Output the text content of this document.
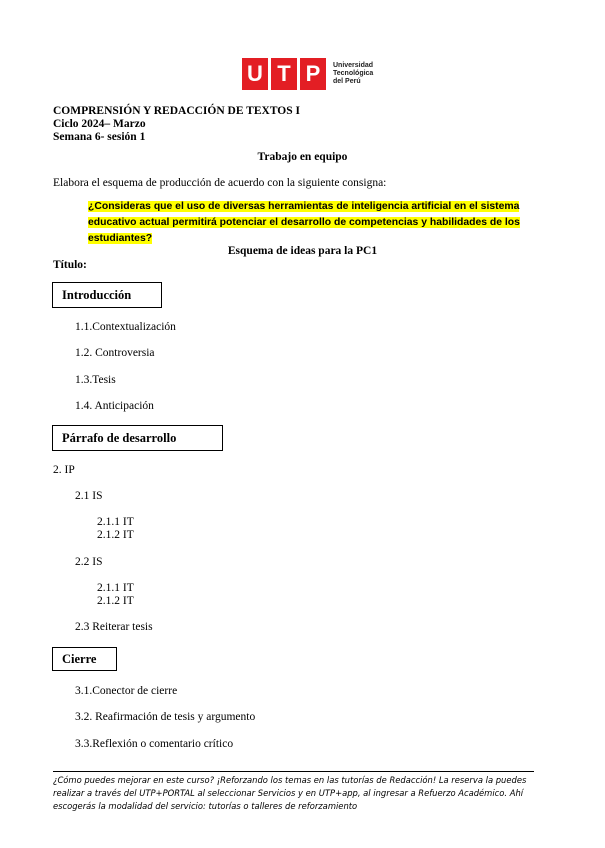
U T P	Universidad
Tecnológica
del Perú
COMPRENSIÓN Y REDACCIÓN DE TEXTOS I
Ciclo 2024– Marzo
Semana 6- sesión 1
Trabajo en equipo
Elabora el esquema de producción de acuerdo con la siguiente consigna:
¿Consideras que el uso de diversas herramientas de inteligencia artificial en el sistema educativo actual permitirá potenciar el desarrollo de competencias y habilidades de los estudiantes?
Esquema de ideas para la PC1
Título:
Introducción
1.1.Contextualización
1.2. Controversia
1.3.Tesis
1.4. Anticipación
Párrafo de desarrollo
2. IP
2.1 IS
2.1.1 IT
2.1.2 IT
2.2 IS
2.1.1 IT
2.1.2 IT
2.3 Reiterar tesis
Cierre
3.1.Conector de cierre
3.2. Reafirmación de tesis y argumento
3.3.Reflexión o comentario crítico
¿Cómo puedes mejorar en este curso? ¡Reforzando los temas en las tutorías de Redacción! La reserva la puedes
realizar a través del UTP+PORTAL al seleccionar Servicios y en UTP+app, al ingresar a Refuerzo Académico. Ahí
escogerás la modalidad del servicio: tutorías o talleres de reforzamiento
